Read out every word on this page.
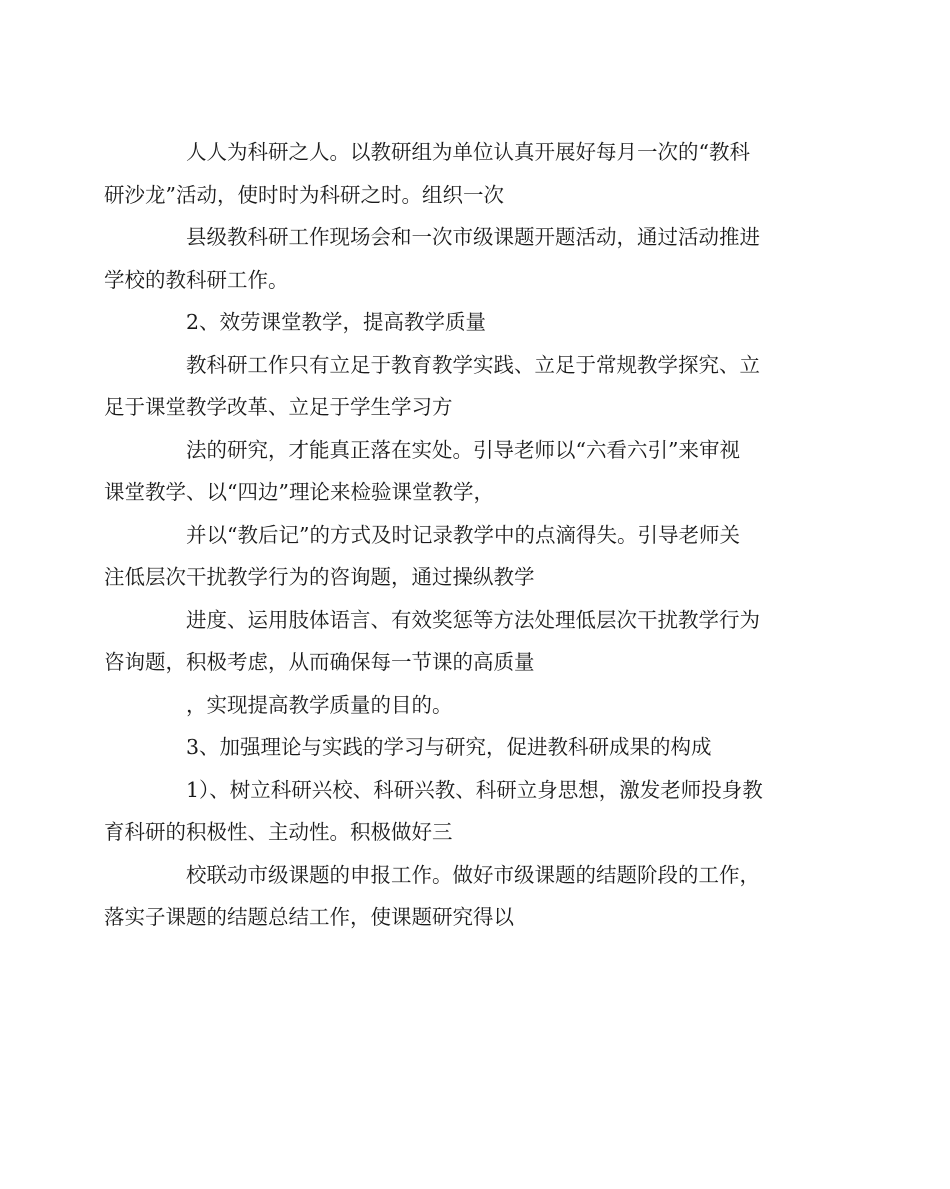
人人为科研之人。以教研组为单位认真开展好每月一次的“教科
研沙龙”活动，使时时为科研之时。组织一次

县级教科研工作现场会和一次市级课题开题活动，通过活动推进
学校的教科研工作。

2、效劳课堂教学，提高教学质量

教科研工作只有立足于教育教学实践、立足于常规教学探究、立
足于课堂教学改革、立足于学生学习方

法的研究，才能真正落在实处。引导老师以“六看六引”来审视
课堂教学、以“四边”理论来检验课堂教学，

并以“教后记”的方式及时记录教学中的点滴得失。引导老师关
注低层次干扰教学行为的咨询题，通过操纵教学

进度、运用肢体语言、有效奖惩等方法处理低层次干扰教学行为
咨询题，积极考虑，从而确保每一节课的高质量

，实现提高教学质量的目的。

3、加强理论与实践的学习与研究，促进教科研成果的构成

1）、树立科研兴校、科研兴教、科研立身思想，激发老师投身教
育科研的积极性、主动性。积极做好三

校联动市级课题的申报工作。做好市级课题的结题阶段的工作，
落实子课题的结题总结工作，使课题研究得以
